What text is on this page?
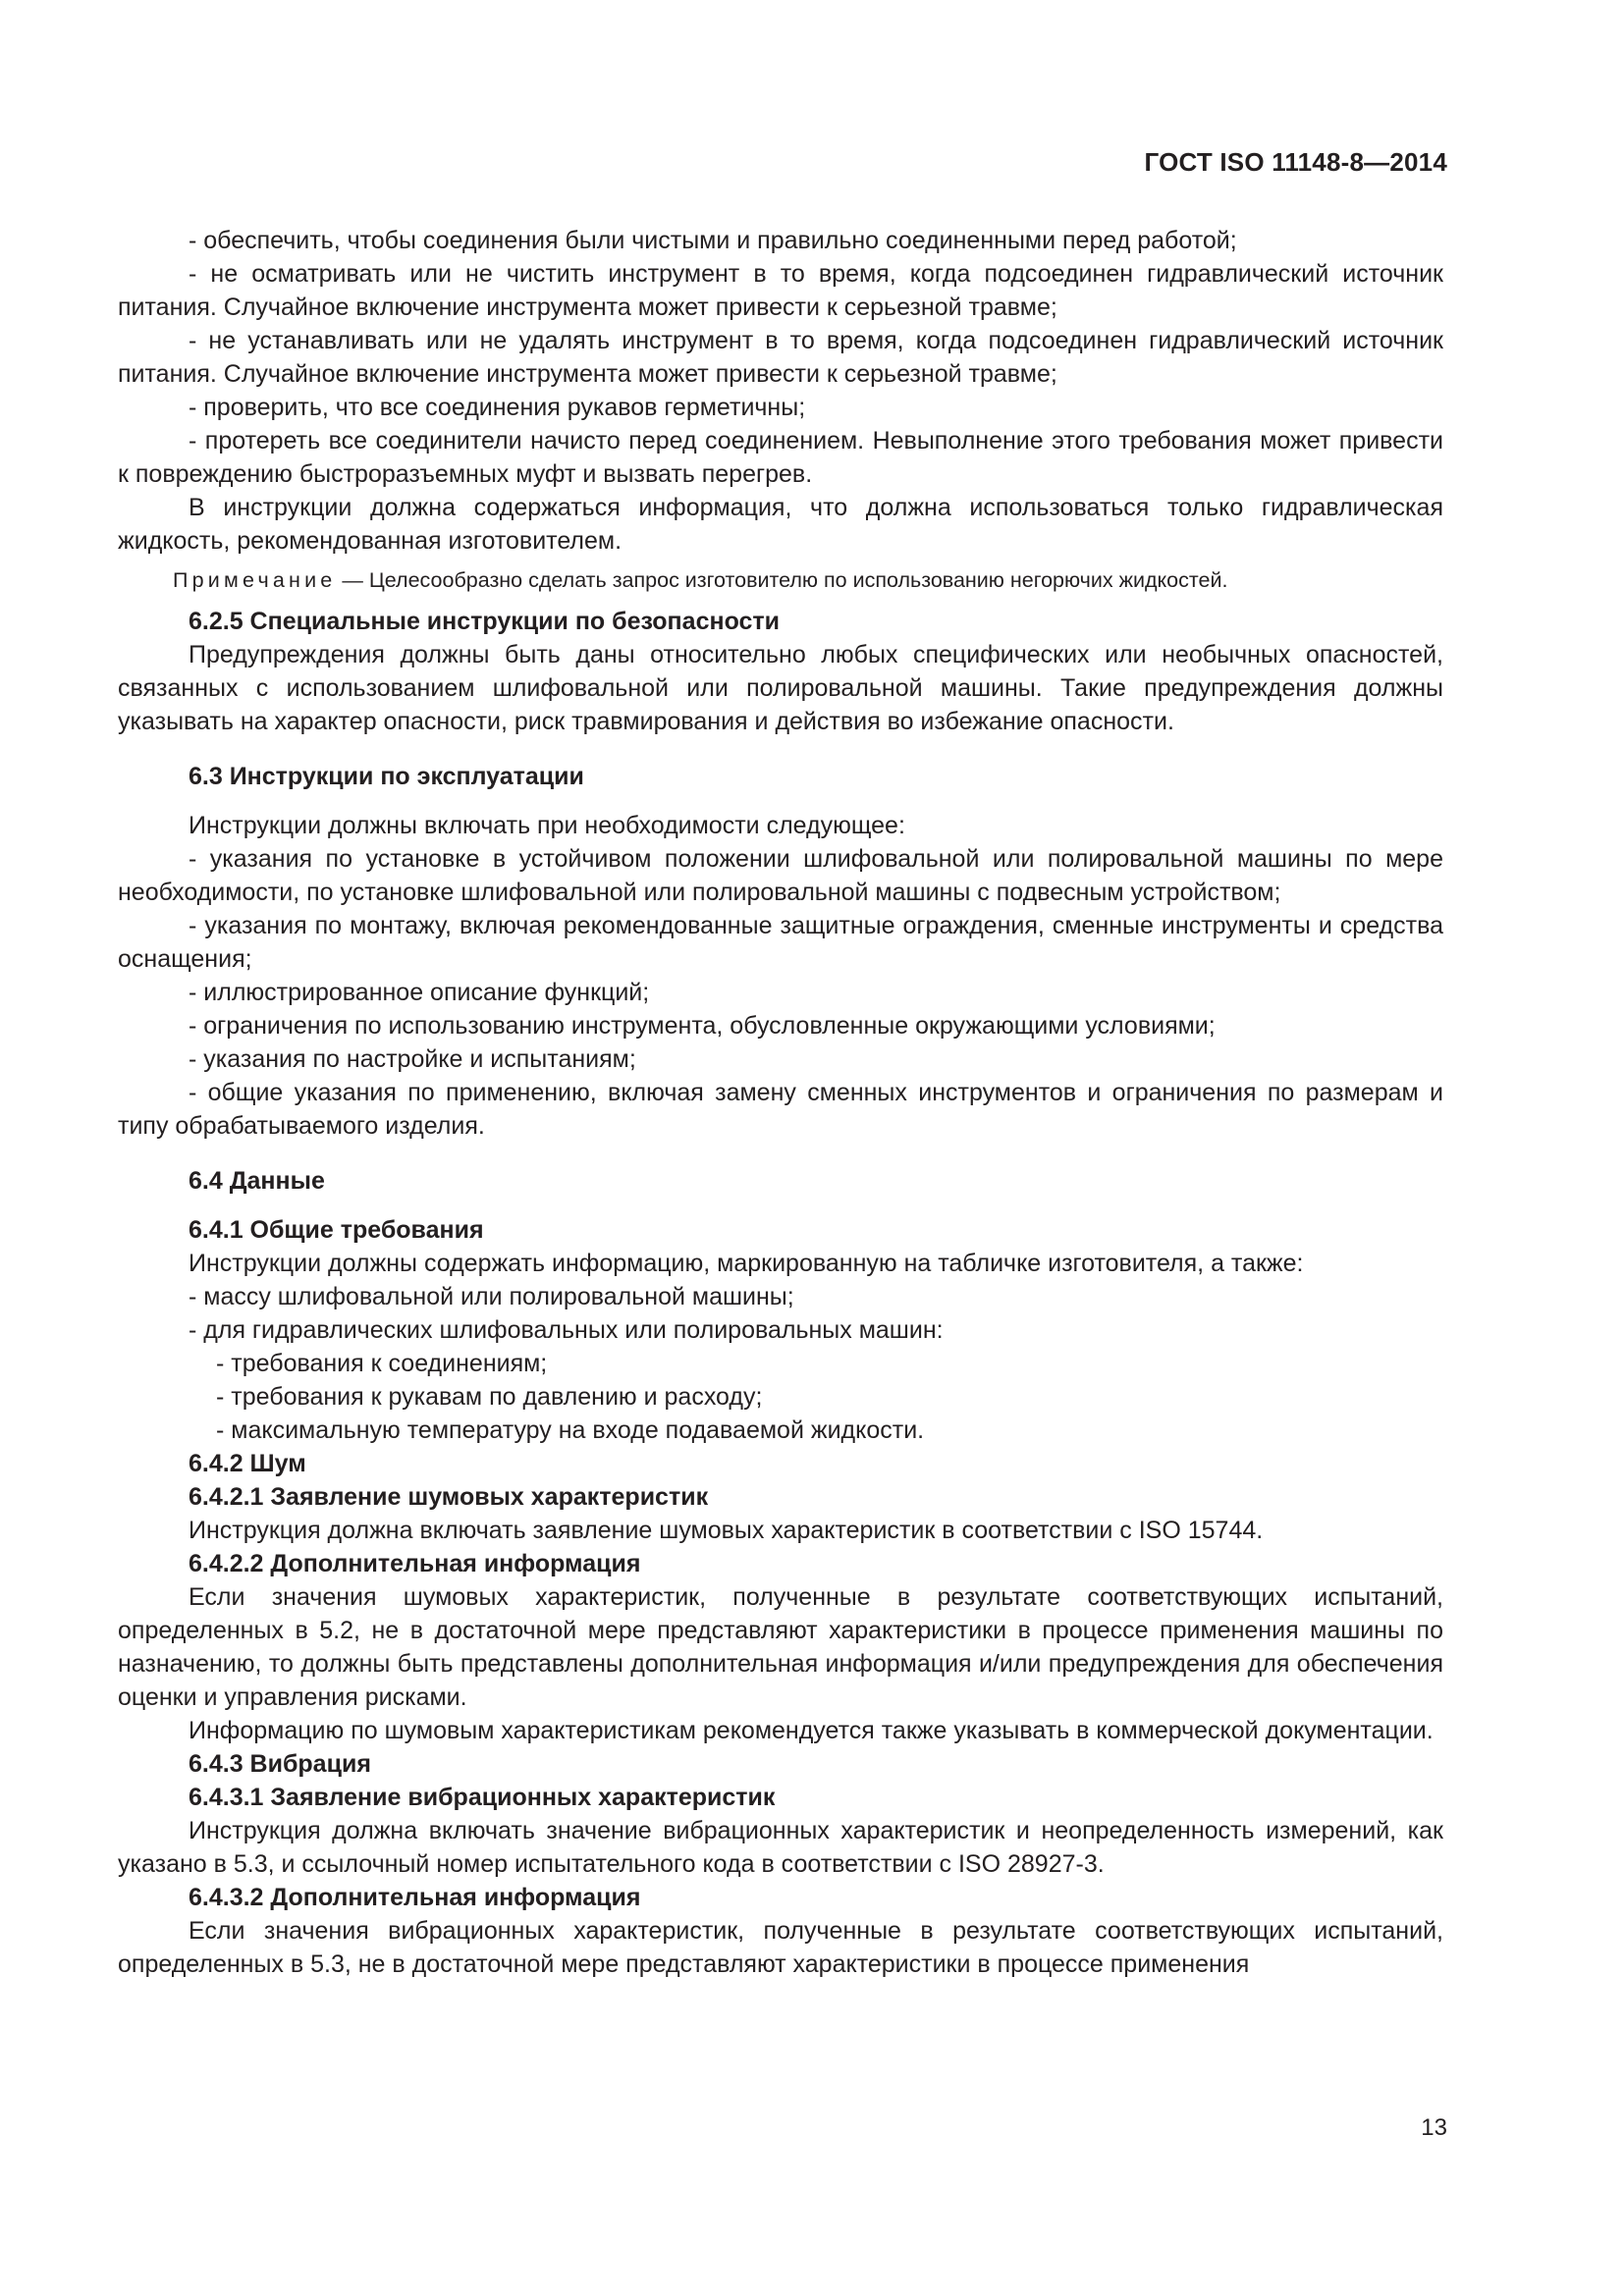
ГОСТ ISO 11148-8—2014

- обеспечить, чтобы соединения были чистыми и правильно соединенными перед работой;

- не осматривать или не чистить инструмент в то время, когда подсоединен гидравлический источник питания. Случайное включение инструмента может привести к серьезной травме;

- не устанавливать или не удалять инструмент в то время, когда подсоединен гидравлический источник питания. Случайное включение инструмента может привести к серьезной травме;

- проверить, что все соединения рукавов герметичны;

- протереть все соединители начисто перед соединением. Невыполнение этого требования может привести к повреждению быстроразъемных муфт и вызвать перегрев.

В инструкции должна содержаться информация, что должна использоваться только гидравлическая жидкость, рекомендованная изготовителем.

Примечание — Целесообразно сделать запрос изготовителю по использованию негорючих жидкостей.

6.2.5 Специальные инструкции по безопасности

Предупреждения должны быть даны относительно любых специфических или необычных опасностей, связанных с использованием шлифовальной или полировальной машины. Такие предупреждения должны указывать на характер опасности, риск травмирования и действия во избежание опасности.

6.3 Инструкции по эксплуатации

Инструкции должны включать при необходимости следующее:

- указания по установке в устойчивом положении шлифовальной или полировальной машины по мере необходимости, по установке шлифовальной или полировальной машины с подвесным устройством;

- указания по монтажу, включая рекомендованные защитные ограждения, сменные инструменты и средства оснащения;

- иллюстрированное описание функций;

- ограничения по использованию инструмента, обусловленные окружающими условиями;

- указания по настройке и испытаниям;

- общие указания по применению, включая замену сменных инструментов и ограничения по размерам и типу обрабатываемого изделия.

6.4 Данные

6.4.1 Общие требования

Инструкции должны содержать информацию, маркированную на табличке изготовителя, а также:

- массу шлифовальной или полировальной машины;

- для гидравлических шлифовальных или полировальных машин:

- требования к соединениям;

- требования к рукавам по давлению и расходу;

- максимальную температуру на входе подаваемой жидкости.

6.4.2 Шум

6.4.2.1 Заявление шумовых характеристик

Инструкция должна включать заявление шумовых характеристик в соответствии с ISO 15744.

6.4.2.2 Дополнительная информация

Если значения шумовых характеристик, полученные в результате соответствующих испытаний, определенных в 5.2, не в достаточной мере представляют характеристики в процессе применения машины по назначению, то должны быть представлены дополнительная информация и/или предупреждения для обеспечения оценки и управления рисками.

Информацию по шумовым характеристикам рекомендуется также указывать в коммерческой документации.

6.4.3 Вибрация

6.4.3.1 Заявление вибрационных характеристик

Инструкция должна включать значение вибрационных характеристик и неопределенность измерений, как указано в 5.3, и ссылочный номер испытательного кода в соответствии с ISO 28927-3.

6.4.3.2 Дополнительная информация

Если значения вибрационных характеристик, полученные в результате соответствующих испытаний, определенных в 5.3, не в достаточной мере представляют характеристики в процессе применения

13
